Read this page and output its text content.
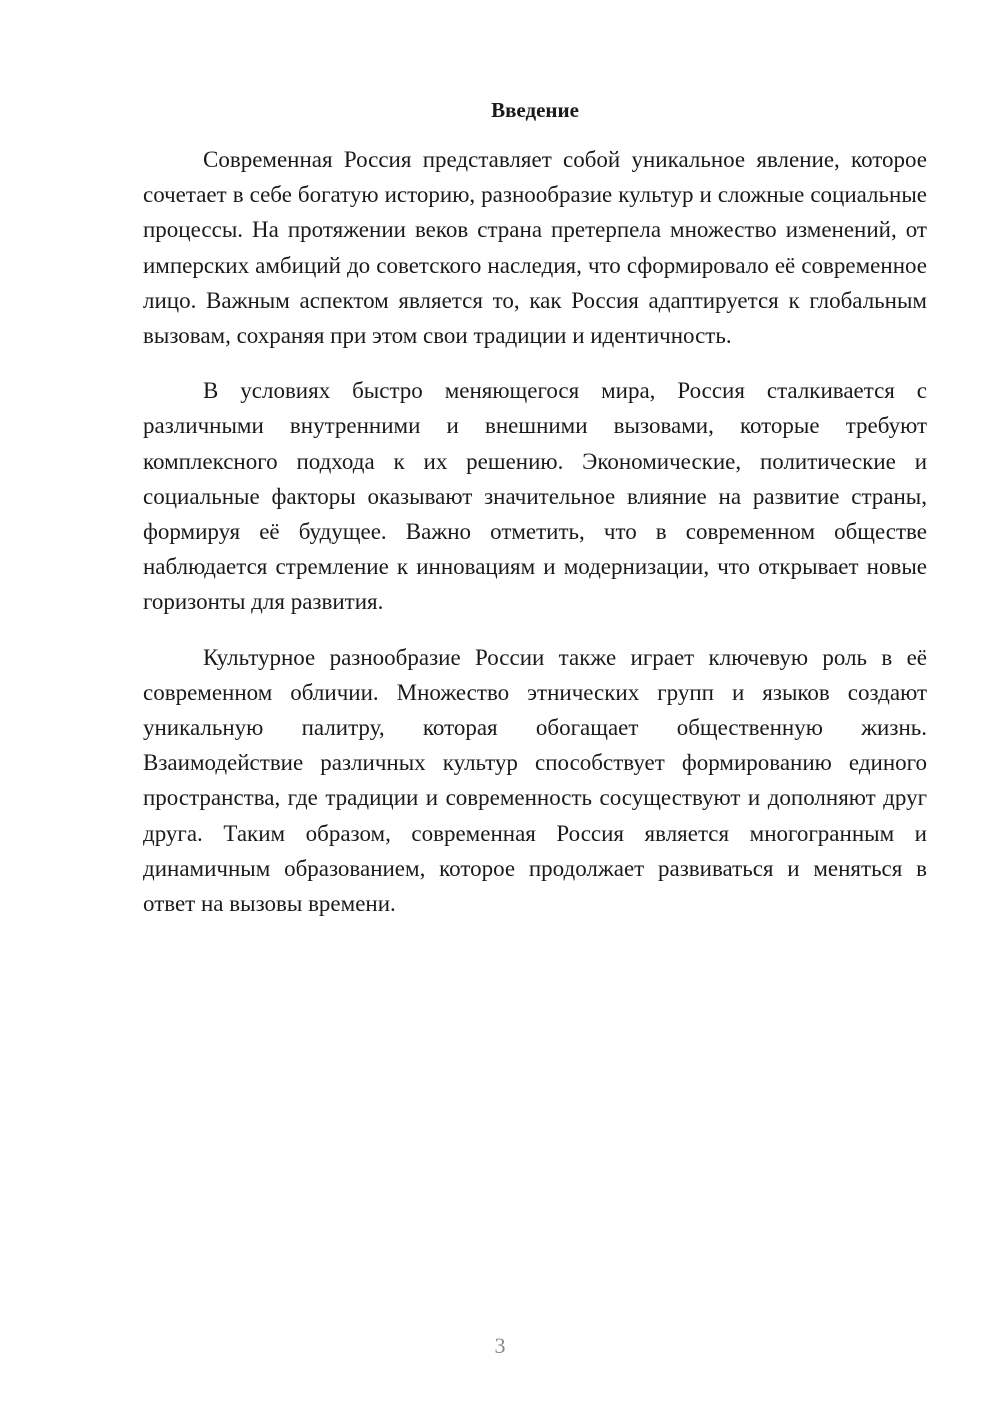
Введение

Современная Россия представляет собой уникальное явление, которое сочетает в себе богатую историю, разнообразие культур и сложные социальные процессы. На протяжении веков страна претерпела множество изменений, от имперских амбиций до советского наследия, что сформировало её современное лицо. Важным аспектом является то, как Россия адаптируется к глобальным вызовам, сохраняя при этом свои традиции и идентичность.

В условиях быстро меняющегося мира, Россия сталкивается с различными внутренними и внешними вызовами, которые требуют комплексного подхода к их решению. Экономические, политические и социальные факторы оказывают значительное влияние на развитие страны, формируя её будущее. Важно отметить, что в современном обществе наблюдается стремление к инновациям и модернизации, что открывает новые горизонты для развития.

Культурное разнообразие России также играет ключевую роль в её современном обличии. Множество этнических групп и языков создают уникальную палитру, которая обогащает общественную жизнь. Взаимодействие различных культур способствует формированию единого пространства, где традиции и современность сосуществуют и дополняют друг друга. Таким образом, современная Россия является многогранным и динамичным образованием, которое продолжает развиваться и меняться в ответ на вызовы времени.

3
